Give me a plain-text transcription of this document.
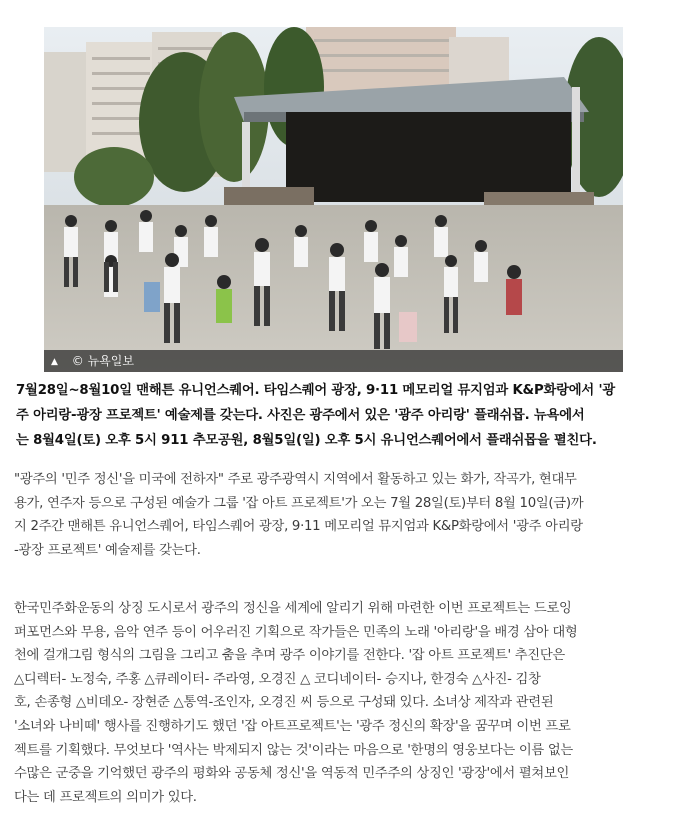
▲ © 뉴욕일보
7월28일~8월10일 맨해튼 유니언스퀘어. 타임스퀘어 광장, 9·11 메모리얼 뮤지엄과 K&P화랑에서 '광
주 아리랑-광장 프로젝트' 예술제를 갖는다. 사진은 광주에서 있은 '광주 아리랑' 플래쉬몹. 뉴욕에서
는 8월4일(토) 오후 5시 911 추모공원, 8월5일(일) 오후 5시 유니언스퀘어에서 플래쉬몹을 펼친다.
"광주의 '민주 정신'을 미국에 전하자" 주로 광주광역시 지역에서 활동하고 있는 화가, 작곡가, 현대무
용가, 연주자 등으로 구성된 예술가 그룹 '잡 아트 프로젝트'가 오는 7월 28일(토)부터 8월 10일(금)까
지 2주간 맨해튼 유니언스퀘어, 타임스퀘어 광장, 9·11 메모리얼 뮤지엄과 K&P화랑에서 '광주 아리랑
-광장 프로젝트' 예술제를 갖는다.
한국민주화운동의 상징 도시로서 광주의 정신을 세계에 알리기 위해 마련한 이번 프로젝트는 드로잉
퍼포먼스와 무용, 음악 연주 등이 어우러진 기획으로 작가들은 민족의 노래 '아리랑'을 배경 삼아 대형
천에 걸개그림 형식의 그림을 그리고 춤을 추며 광주 이야기를 전한다. '잡 아트 프로젝트' 추진단은
△디렉터- 노정숙, 주홍 △큐레이터- 주라영, 오경진 △ 코디네이터- 승지나, 한경숙 △사진- 김창
호, 손종형 △비데오- 장현준 △통역-조인자, 오경진 씨 등으로 구성돼 있다. 소녀상 제작과 관련된
'소녀와 나비떼' 행사를 진행하기도 했던 '잡 아트프로젝트'는 '광주 정신의 확장'을 꿈꾸며 이번 프로
젝트를 기획했다. 무엇보다 '역사는 박제되지 않는 것'이라는 마음으로 '한명의 영웅보다는 이름 없는
수많은 군중을 기억했던 광주의 평화와 공동체 정신'을 역동적 민주주의 상징인 '광장'에서 펼쳐보인
다는 데 프로젝트의 의미가 있다.
